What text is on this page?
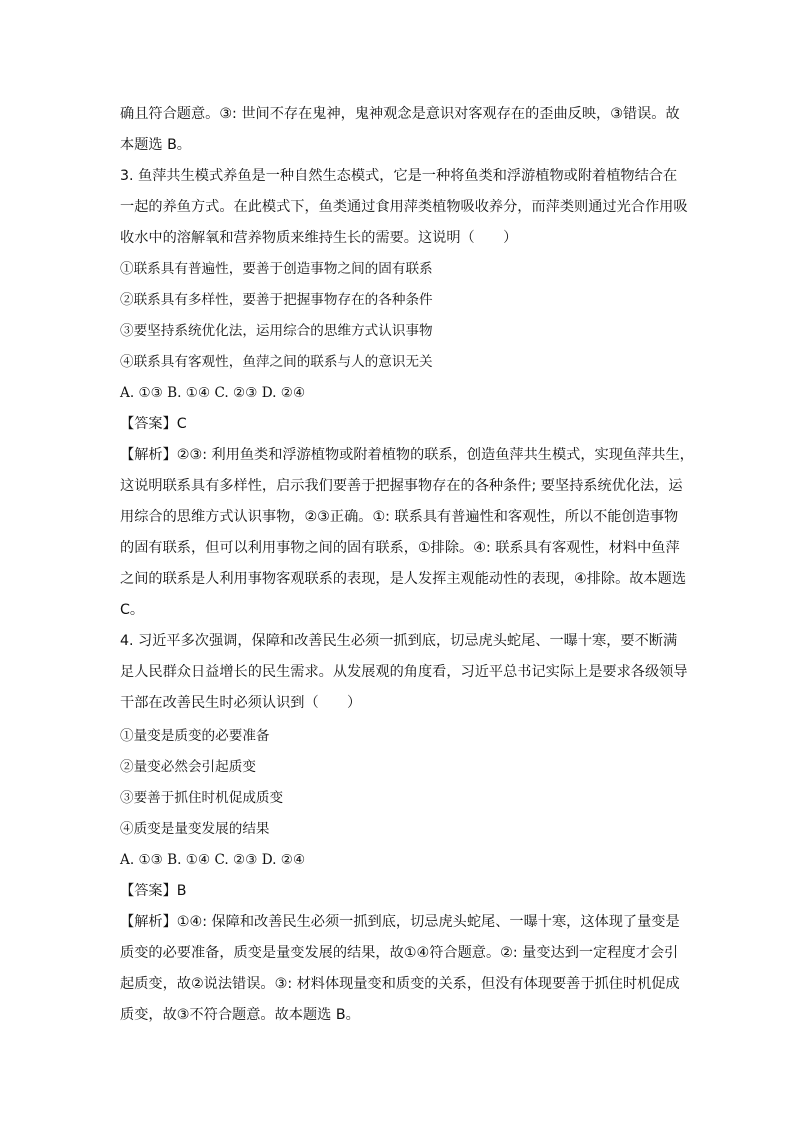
确且符合题意。③: 世间不存在鬼神，鬼神观念是意识对客观存在的歪曲反映，③错误。故
本题选 B。
3. 鱼萍共生模式养鱼是一种自然生态模式，它是一种将鱼类和浮游植物或附着植物结合在
一起的养鱼方式。在此模式下，鱼类通过食用萍类植物吸收养分，而萍类则通过光合作用吸
收水中的溶解氧和营养物质来维持生长的需要。这说明（　　）
①联系具有普遍性，要善于创造事物之间的固有联系
②联系具有多样性，要善于把握事物存在的各种条件
③要坚持系统优化法，运用综合的思维方式认识事物
④联系具有客观性，鱼萍之间的联系与人的意识无关
A. ①③ B. ①④ C. ②③ D. ②④
【答案】C
【解析】②③: 利用鱼类和浮游植物或附着植物的联系，创造鱼萍共生模式，实现鱼萍共生，
这说明联系具有多样性，启示我们要善于把握事物存在的各种条件; 要坚持系统优化法，运
用综合的思维方式认识事物，②③正确。①: 联系具有普遍性和客观性，所以不能创造事物
的固有联系，但可以利用事物之间的固有联系，①排除。④: 联系具有客观性，材料中鱼萍
之间的联系是人利用事物客观联系的表现，是人发挥主观能动性的表现，④排除。故本题选
C。
4. 习近平多次强调，保障和改善民生必须一抓到底，切忌虎头蛇尾、一曝十寒，要不断满
足人民群众日益增长的民生需求。从发展观的角度看，习近平总书记实际上是要求各级领导
干部在改善民生时必须认识到（　　）
①量变是质变的必要准备
②量变必然会引起质变
③要善于抓住时机促成质变
④质变是量变发展的结果
A. ①③ B. ①④ C. ②③ D. ②④
【答案】B
【解析】①④: 保障和改善民生必须一抓到底，切忌虎头蛇尾、一曝十寒，这体现了量变是
质变的必要准备，质变是量变发展的结果，故①④符合题意。②: 量变达到一定程度才会引
起质变，故②说法错误。③: 材料体现量变和质变的关系，但没有体现要善于抓住时机促成
质变，故③不符合题意。故本题选 B。
